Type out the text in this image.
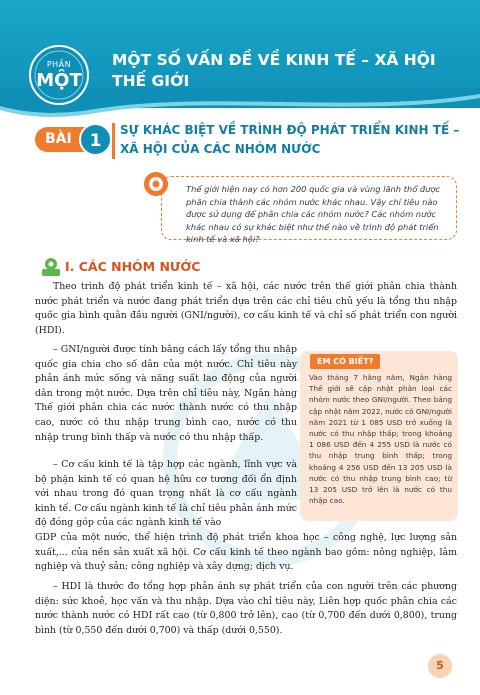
PHẦN
MỘT
MỘT SỐ VẤN ĐỀ VỀ KINH TẾ – XÃ HỘI THẾ GIỚI
BÀI	1
SỰ KHÁC BIỆT VỀ TRÌNH ĐỘ PHÁT TRIỂN KINH TẾ – XÃ HỘI CỦA CÁC NHÓM NƯỚC
Thế giới hiện nay có hơn 200 quốc gia và vùng lãnh thổ được phân chia thành các nhóm nước khác nhau. Vậy chỉ tiêu nào được sử dụng để phân chia các nhóm nước? Các nhóm nước khác nhau có sự khác biệt như thế nào về trình độ phát triển kinh tế và xã hội?
I. CÁC NHÓM NƯỚC
Theo trình độ phát triển kinh tế – xã hội, các nước trên thế giới phân chia thành nước phát triển và nước đang phát triển dựa trên các chỉ tiêu chủ yếu là tổng thu nhập quốc gia bình quân đầu người (GNI/người), cơ cấu kinh tế và chỉ số phát triển con người (HDI).
– GNI/người được tính bằng cách lấy tổng thu nhập quốc gia chia cho số dân của một nước. Chỉ tiêu này phản ánh mức sống và năng suất lao động của người dân trong một nước. Dựa trên chỉ tiêu này, Ngân hàng Thế giới phân chia các nước thành nước có thu nhập cao, nước có thu nhập trung bình cao, nước có thu nhập trung bình thấp và nước có thu nhập thấp.
– Cơ cấu kinh tế là tập hợp các ngành, lĩnh vực và bộ phận kinh tế có quan hệ hữu cơ tương đối ổn định với nhau trong đó quan trọng nhất là cơ cấu ngành kinh tế. Cơ cấu ngành kinh tế là chỉ tiêu phản ánh mức độ đóng góp của các ngành kinh tế vào
GDP của một nước, thể hiện trình độ phát triển khoa học – công nghệ, lực lượng sản xuất,... của nền sản xuất xã hội. Cơ cấu kinh tế theo ngành bao gồm: nông nghiệp, lâm nghiệp và thuỷ sản; công nghiệp và xây dựng; dịch vụ.
– HDI là thước đo tổng hợp phản ánh sự phát triển của con người trên các phương diện: sức khoẻ, học vấn và thu nhập. Dựa vào chỉ tiêu này, Liên hợp quốc phân chia các nước thành nước có HDI rất cao (từ 0,800 trở lên), cao (từ 0,700 đến dưới 0,800), trung bình (từ 0,550 đến dưới 0,700) và thấp (dưới 0,550).
EM CÓ BIẾT?
Vào tháng 7 hằng năm, Ngân hàng Thế giới sẽ cập nhật phân loại các nhóm nước theo GNI/người. Theo bảng cập nhật năm 2022, nước có GNI/người năm 2021 từ 1 085 USD trở xuống là nước có thu nhập thấp; trong khoảng 1 086 USD đến 4 255 USD là nước có thu nhập trung bình thấp; trong khoảng 4 256 USD đến 13 205 USD là nước có thu nhập trung bình cao; từ 13 205 USD trở lên là nước có thu nhập cao.
5
